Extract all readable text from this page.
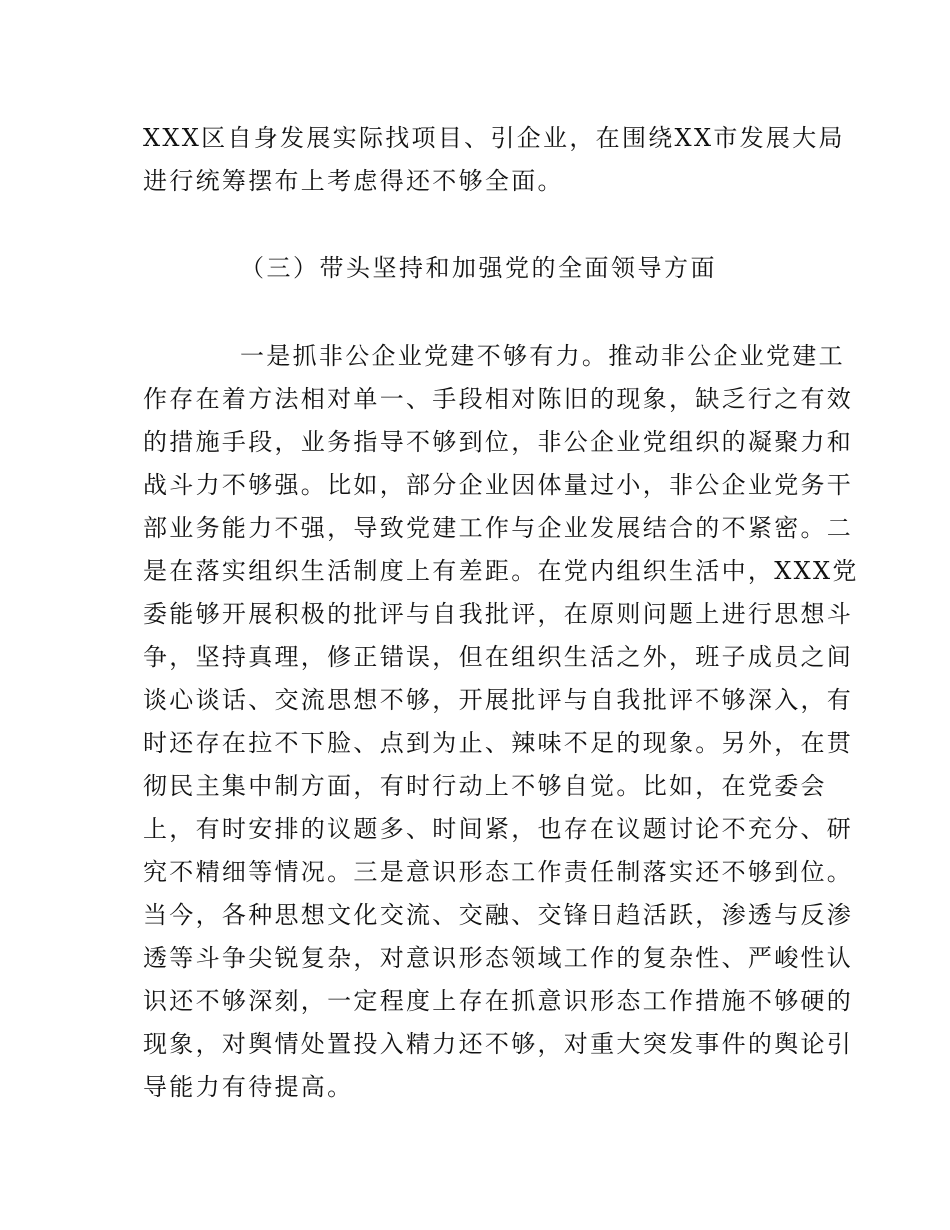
XXX区自身发展实际找项目、引企业，在围绕XX市发展大局

进行统筹摆布上考虑得还不够全面。

（三）带头坚持和加强党的全面领导方面

一是抓非公企业党建不够有力。推动非公企业党建工

作存在着方法相对单一、手段相对陈旧的现象，缺乏行之有效

的措施手段，业务指导不够到位，非公企业党组织的凝聚力和

战斗力不够强。比如，部分企业因体量过小，非公企业党务干

部业务能力不强，导致党建工作与企业发展结合的不紧密。二

是在落实组织生活制度上有差距。在党内组织生活中，XXX党

委能够开展积极的批评与自我批评，在原则问题上进行思想斗

争，坚持真理，修正错误，但在组织生活之外，班子成员之间

谈心谈话、交流思想不够，开展批评与自我批评不够深入，有

时还存在拉不下脸、点到为止、辣味不足的现象。另外，在贯

彻民主集中制方面，有时行动上不够自觉。比如，在党委会

上，有时安排的议题多、时间紧，也存在议题讨论不充分、研

究不精细等情况。三是意识形态工作责任制落实还不够到位。

当今，各种思想文化交流、交融、交锋日趋活跃，渗透与反渗

透等斗争尖锐复杂，对意识形态领域工作的复杂性、严峻性认

识还不够深刻，一定程度上存在抓意识形态工作措施不够硬的

现象，对舆情处置投入精力还不够，对重大突发事件的舆论引

导能力有待提高。
